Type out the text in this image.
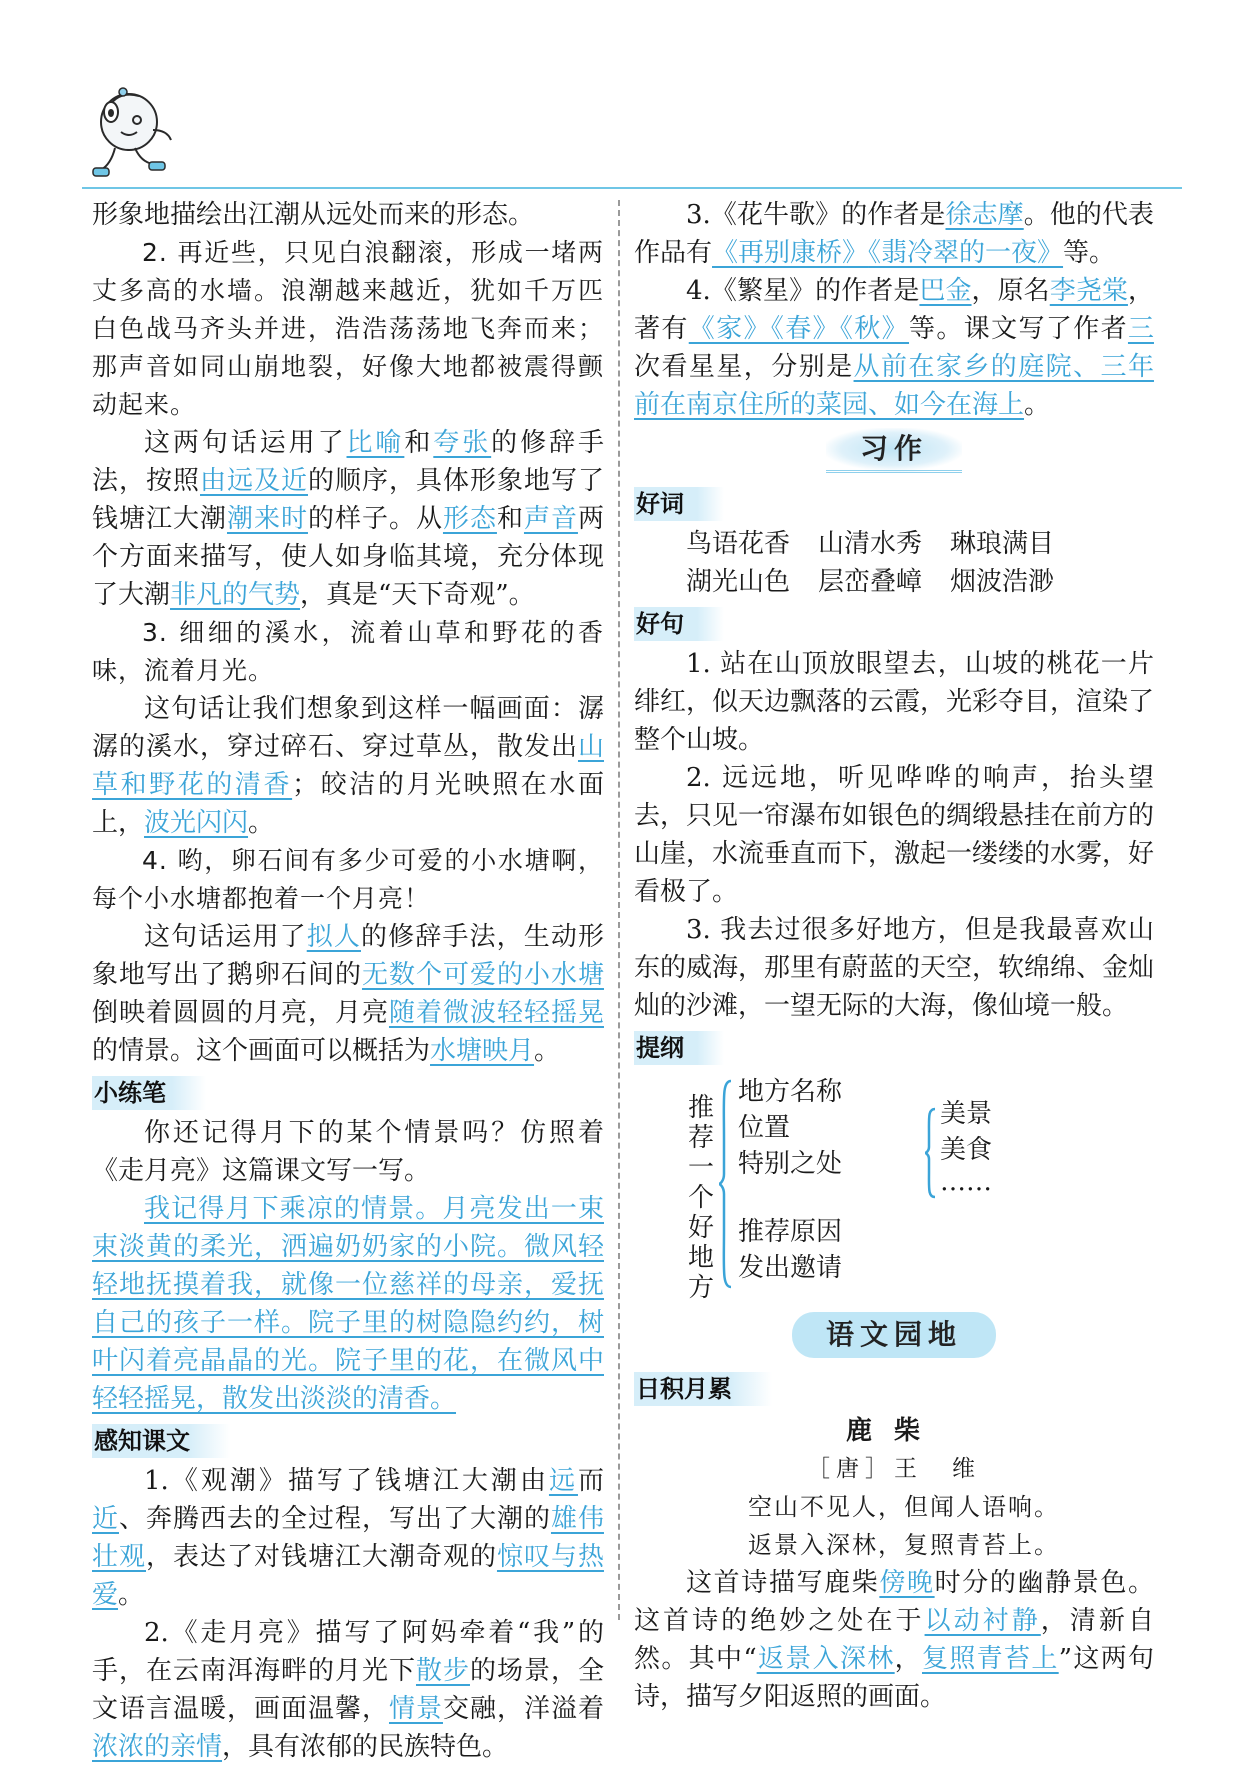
形象地描绘出江潮从远处而来的形态。

2. 再近些，只见白浪翻滚，形成一堵两丈多高的水墙。浪潮越来越近，犹如千万匹白色战马齐头并进，浩浩荡荡地飞奔而来；那声音如同山崩地裂，好像大地都被震得颤动起来。

这两句话运用了比喻和夸张的修辞手法，按照由远及近的顺序，具体形象地写了钱塘江大潮潮来时的样子。从形态和声音两个方面来描写，使人如身临其境，充分体现了大潮非凡的气势，真是“天下奇观”。

3. 细细的溪水，流着山草和野花的香味，流着月光。

这句话让我们想象到这样一幅画面：潺潺的溪水，穿过碎石、穿过草丛，散发出山草和野花的清香；皎洁的月光映照在水面上，波光闪闪。

4. 哟，卵石间有多少可爱的小水塘啊，每个小水塘都抱着一个月亮！

这句话运用了拟人的修辞手法，生动形象地写出了鹅卵石间的无数个可爱的小水塘倒映着圆圆的月亮，月亮随着微波轻轻摇晃的情景。这个画面可以概括为水塘映月。

小练笔

你还记得月下的某个情景吗？仿照着《走月亮》这篇课文写一写。

我记得月下乘凉的情景。月亮发出一束束淡黄的柔光，洒遍奶奶家的小院。微风轻轻地抚摸着我，就像一位慈祥的母亲，爱抚自己的孩子一样。院子里的树隐隐约约，树叶闪着亮晶晶的光。院子里的花，在微风中轻轻摇晃，散发出淡淡的清香。

感知课文

1.《观潮》描写了钱塘江大潮由远而近、奔腾西去的全过程，写出了大潮的雄伟壮观，表达了对钱塘江大潮奇观的惊叹与热爱。

2.《走月亮》描写了阿妈牵着“我”的手，在云南洱海畔的月光下散步的场景，全文语言温暖，画面温馨，情景交融，洋溢着浓浓的亲情，具有浓郁的民族特色。

3.《花牛歌》的作者是徐志摩。他的代表作品有《再别康桥》《翡冷翠的一夜》等。

4.《繁星》的作者是巴金，原名李尧棠，著有《家》《春》《秋》等。课文写了作者三次看星星，分别是从前在家乡的庭院、三年前在南京住所的菜园、如今在海上。

习作
好词
鸟语花香 山清水秀 琳琅满目
湖光山色 层峦叠嶂 烟波浩渺
好句

1. 站在山顶放眼望去，山坡的桃花一片绯红，似天边飘落的云霞，光彩夺目，渲染了整个山坡。

2. 远远地，听见哗哗的响声，抬头望去，只见一帘瀑布如银色的绸缎悬挂在前方的山崖，水流垂直而下，激起一缕缕的水雾，好看极了。

3. 我去过很多好地方，但是我最喜欢山东的威海，那里有蔚蓝的天空，软绵绵、金灿灿的沙滩，一望无际的大海，像仙境一般。

提纲
推荐一个好地方
地方名称
位置
特别之处
美景
美食
……
推荐原因
发出邀请
语文园地
日积月累
鹿柴
［唐］王　维
空山不见人，但闻人语响。
返景入深林，复照青苔上。

这首诗描写鹿柴傍晚时分的幽静景色。这首诗的绝妙之处在于以动衬静，清新自然。其中“返景入深林，复照青苔上”这两句诗，描写夕阳返照的画面。
